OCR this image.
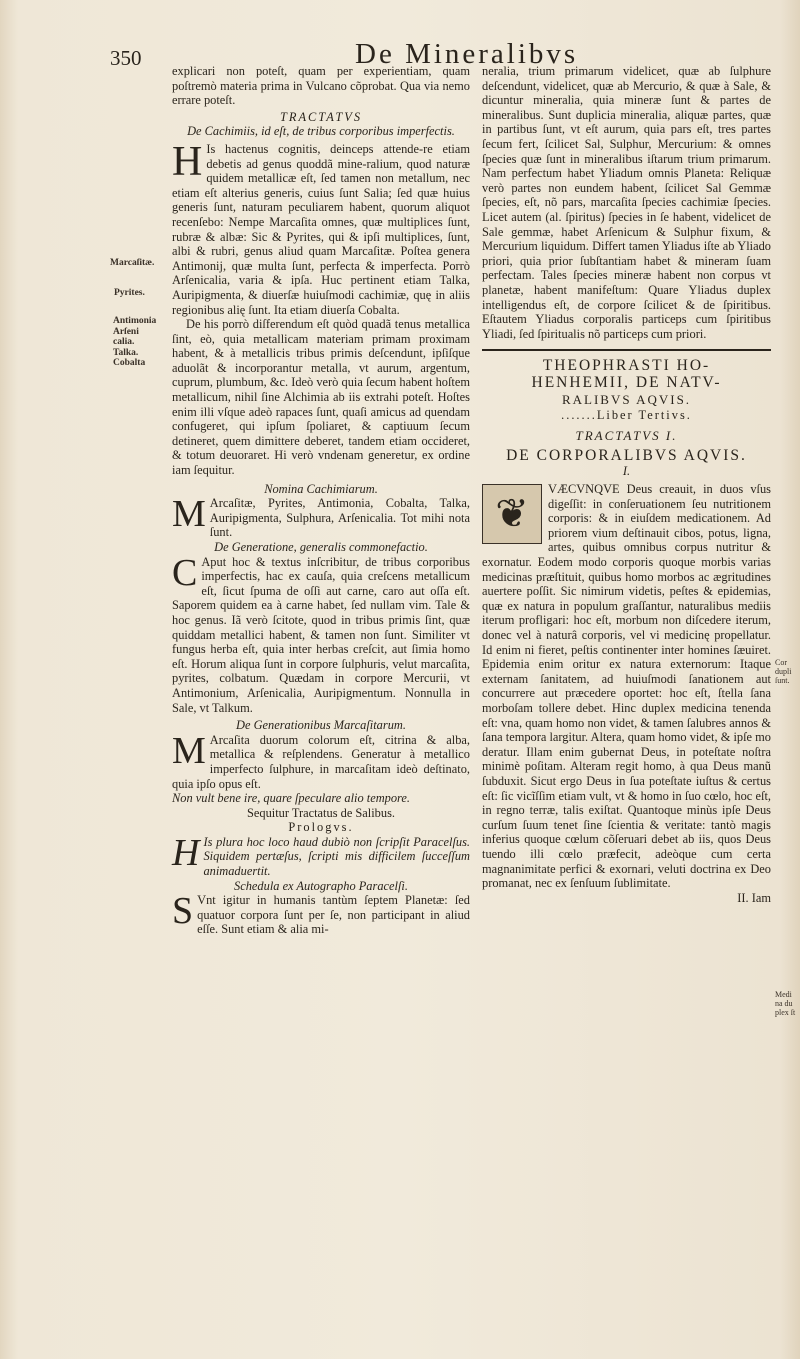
350	De Mineralibvs
Marcaſitæ.
Pyrites.
Antimonia Arſeni calia. Talka. Cobalta
Cor dupli ſunt.
Medi na du plex ſt

explicari non poteſt, quam per experientiam, quam poſtremò materia prima in Vulcano cõprobat. Qua via nemo errare poteſt.

TRACTATVS

De Cachimiis, id eſt, de tribus corporibus imperfectis.

H Is hactenus cognitis, deinceps attende-re etiam debetis ad genus quoddã mine-ralium, quod naturæ quidem metallicæ eſt, ſed tamen non metallum, nec etiam eſt alterius generis, cuius ſunt Salia; ſed quæ huius generis ſunt, naturam peculiarem habent, quorum aliquot recenſebo: Nempe Marcaſita omnes, quæ multiplices ſunt, rubræ & albæ: Sic & Pyrites, qui & ipſi multiplices, ſunt, albi & rubri, genus aliud quam Marcaſitæ. Poſtea genera Antimonij, quæ multa ſunt, perfecta & imperfecta. Porrò Arſenicalia, varia & ipſa. Huc pertinent etiam Talka, Auripigmenta, & diuerſæ huiuſmodi cachimiæ, quę in aliis regionibus alię ſunt. Ita etiam diuerſa Cobalta.

De his porrò diſferendum eſt quòd quadã tenus metallica ſint, eò, quia metallicam materiam primam proximam habent, & à metallicis tribus primis deſcendunt, ipſiſque aduolãt & incorporantur metalla, vt aurum, argentum, cuprum, plumbum, &c. Ideò verò quia ſecum habent hoſtem metallicum, nihil ſine Alchimia ab iis extrahi poteſt. Hoſtes enim illi vſque adeò rapaces ſunt, quaſi amicus ad quendam confugeret, qui ipſum ſpoliaret, & captiuum ſecum detineret, quem dimittere deberet, tandem etiam occideret, & totum deuoraret. Hi verò vndenam generetur, ex ordine iam ſequitur.

Nomina Cachimiarum.

M Arcaſitæ, Pyrites, Antimonia, Cobalta, Talka, Auripigmenta, Sulphura, Arſenicalia. Tot mihi nota ſunt.

De Generatione, generalis commonefactio.

C Aput hoc & textus inſcribitur, de tribus corporibus imperfectis, hac ex cauſa, quia creſcens metallicum eſt, ſicut ſpuma de oſſi aut carne, caro aut oſſa eſt. Saporem quidem ea à carne habet, ſed nullam vim. Tale & hoc genus. Iã verò ſcitote, quod in tribus primis ſint, quæ quiddam metallici habent, & tamen non ſunt. Similiter vt fungus herba eſt, quia inter herbas creſcit, aut ſimia homo eſt. Horum aliqua ſunt in corpore ſulphuris, velut marcaſita, pyrites, colbatum. Quædam in corpore Mercurii, vt Antimonium, Arſenicalia, Auripigmentum. Nonnulla in Sale, vt Talkum.

De Generationibus Marcaſitarum.

M Arcaſita duorum colorum eſt, citrina & alba, metallica & reſplendens. Generatur à metallico imperfecto ſulphure, in marcaſitam ideò deſtinato, quia ipſo opus eſt.

Non vult bene ire, quare ſpeculare alio tempore.

Sequitur Tractatus de Salibus.

Prologvs.

H Is plura hoc loco haud dubiò non ſcripſit Paracelſus. Siquidem pertæſus, ſcripti mis difficilem ſucceſſum animaduertit.

Schedula ex Autographo Paracelſi.

S Vnt igitur in humanis tantùm ſeptem Planetæ: ſed quatuor corpora ſunt per ſe, non participant in aliud eſſe. Sunt etiam & alia mi-

neralia, trium primarum videlicet, quæ ab ſulphure deſcendunt, videlicet, quæ ab Mercurio, & quæ à Sale, & dicuntur mineralia, quia mineræ ſunt & partes de mineralibus. Sunt duplicia mineralia, aliquæ partes, quæ in partibus ſunt, vt eſt aurum, quia pars eſt, tres partes ſecum fert, ſcilicet Sal, Sulphur, Mercurium: & omnes ſpecies quæ ſunt in mineralibus iſtarum trium primarum. Nam perfectum habet Yliadum omnis Planeta: Reliquæ verò partes non eundem habent, ſcilicet Sal Gemmæ ſpecies, eſt, nõ pars, marcaſita ſpecies cachimiæ ſpecies. Licet autem (al. ſpiritus) ſpecies in ſe habent, videlicet de Sale gemmæ, habet Arſenicum & Sulphur fixum, & Mercurium liquidum. Differt tamen Yliadus iſte ab Yliado priori, quia prior ſubſtantiam habet & mineram ſuam perfectam. Tales ſpecies mineræ habent non corpus vt planetæ, habent manifeſtum: Quare Yliadus duplex intelligendus eſt, de corpore ſcilicet & de ſpiritibus. Eſtautem Yliadus corporalis particeps cum ſpiritibus Yliadi, ſed ſpiritualis nõ particeps cum priori.

THEOPHRASTI HO-

HENHEMII, DE NATV-

RALIBVS AQVIS.

.......Liber Tertivs.

TRACTATVS I.

DE CORPORALIBVS AQVIS.

I.

❦
VÆCVNQVE Deus creauit, in duos vſus digeſſit: in conſeruationem ſeu nutritionem corporis: & in eiuſdem medicationem. Ad priorem vium deſtinauit cibos, potus, ligna, artes, quibus omnibus corpus nutritur & exornatur. Eodem modo corporis quoque morbis varias medicinas præſtituit, quibus homo morbos ac ægritudines auertere poſſit. Sic nimirum videtis, peſtes & epidemias, quæ ex natura in populum graſſantur, naturalibus mediis iterum profligari: hoc eſt, morbum non diſcedere iterum, donec vel à naturâ corporis, vel vi medicinę propellatur. Id enim ni fieret, peſtis continenter inter homines ſæuiret. Epidemia enim oritur ex natura externorum: Itaque externam ſanitatem, ad huiuſmodi ſanationem aut concurrere aut præcedere oportet: hoc eſt, ſtella ſana morboſam tollere debet. Hinc duplex medicina tenenda eſt: vna, quam homo non videt, & tamen ſalubres annos & ſana tempora largitur. Altera, quam homo videt, & ipſe mo deratur. Illam enim gubernat Deus, in poteſtate noſtra minimè poſitam. Alteram regit homo, à qua Deus manũ ſubduxit. Sicut ergo Deus in ſua poteſtate iuſtus & certus eſt: ſic vicĩſſim etiam vult, vt & homo in ſuo cœlo, hoc eſt, in regno terræ, talis exiſtat. Quantoque minùs ipſe Deus curſum ſuum tenet ſine ſcientia & veritate: tantò magis inferius quoque cœlum cõſeruari debet ab iis, quos Deus tuendo illi cœlo præfecit, adeòque cum certa magnanimitate perfici & exornari, veluti doctrina ex Deo promanat, nec ex ſenſuum ſublimitate.

II. Iam
